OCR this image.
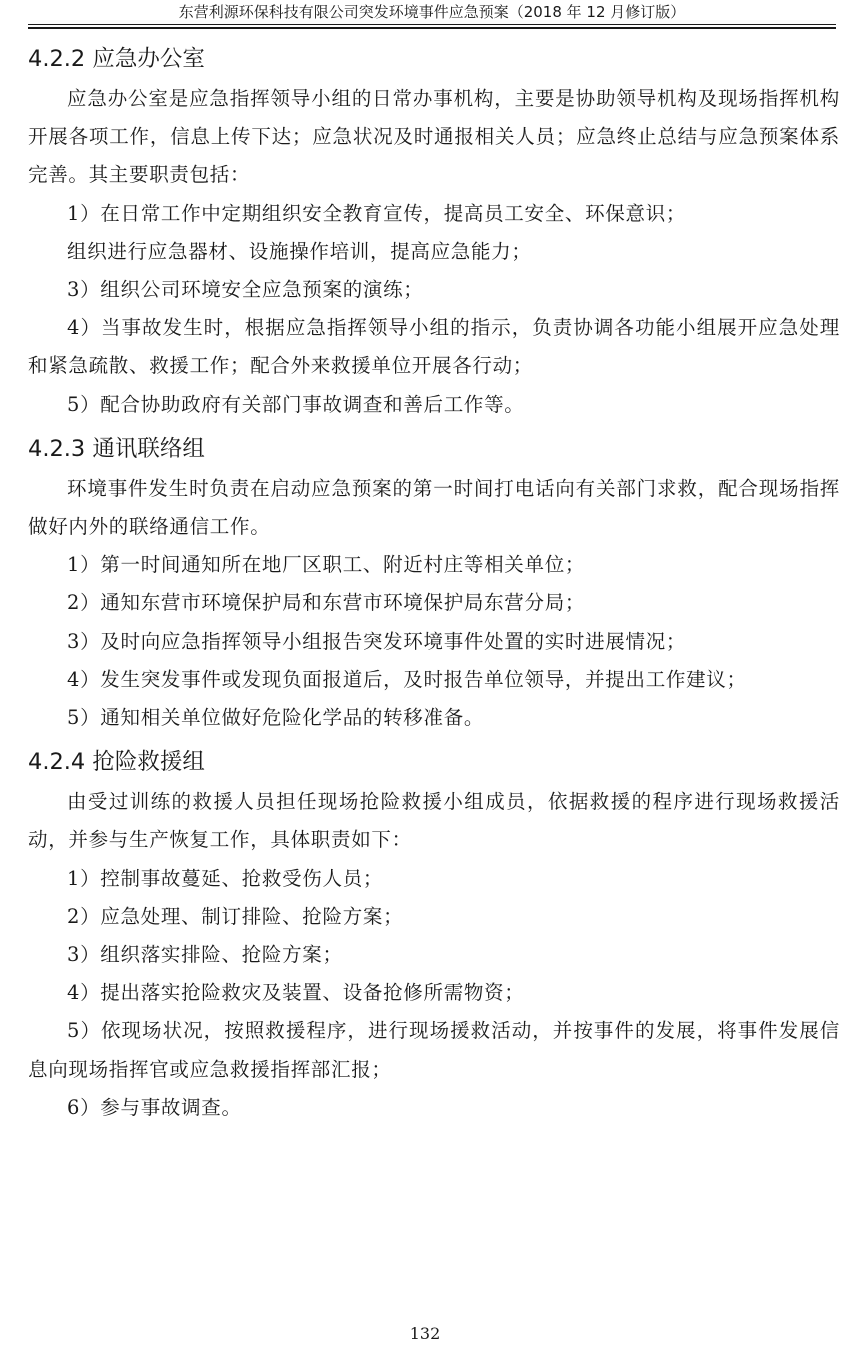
东营利源环保科技有限公司突发环境事件应急预案（2018 年 12 月修订版）
4.2.2 应急办公室

应急办公室是应急指挥领导小组的日常办事机构，主要是协助领导机构及现场指挥机构开展各项工作，信息上传下达；应急状况及时通报相关人员；应急终止总结与应急预案体系完善。其主要职责包括：

1）在日常工作中定期组织安全教育宣传，提高员工安全、环保意识；

组织进行应急器材、设施操作培训，提高应急能力；

3）组织公司环境安全应急预案的演练；

4）当事故发生时，根据应急指挥领导小组的指示，负责协调各功能小组展开应急处理和紧急疏散、救援工作；配合外来救援单位开展各行动；

5）配合协助政府有关部门事故调查和善后工作等。

4.2.3 通讯联络组

环境事件发生时负责在启动应急预案的第一时间打电话向有关部门求救，配合现场指挥做好内外的联络通信工作。

1）第一时间通知所在地厂区职工、附近村庄等相关单位；

2）通知东营市环境保护局和东营市环境保护局东营分局；

3）及时向应急指挥领导小组报告突发环境事件处置的实时进展情况；

4）发生突发事件或发现负面报道后，及时报告单位领导，并提出工作建议；

5）通知相关单位做好危险化学品的转移准备。

4.2.4 抢险救援组

由受过训练的救援人员担任现场抢险救援小组成员，依据救援的程序进行现场救援活动，并参与生产恢复工作，具体职责如下：

1）控制事故蔓延、抢救受伤人员；

2）应急处理、制订排险、抢险方案；

3）组织落实排险、抢险方案；

4）提出落实抢险救灾及装置、设备抢修所需物资；

5）依现场状况，按照救援程序，进行现场援救活动，并按事件的发展，将事件发展信息向现场指挥官或应急救援指挥部汇报；

6）参与事故调查。

132
